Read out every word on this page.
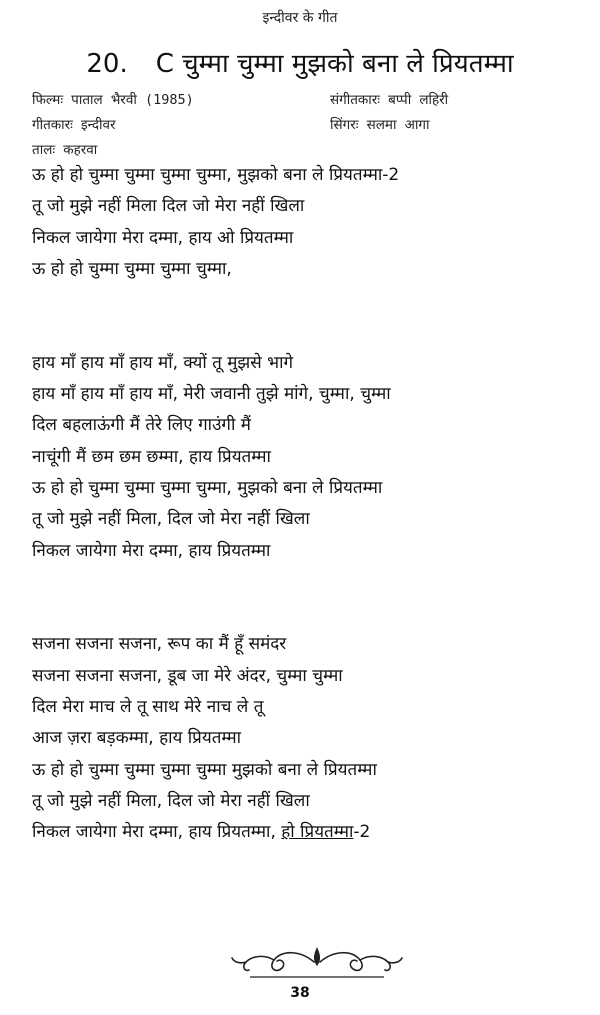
इन्दीवर के गीत
20. C चुम्मा चुम्मा मुझको बना ले प्रियतम्मा
फिल्मः पाताल भैरवी (1985)	संगीतकारः बप्पी लहिरी
गीतकारः इन्दीवर	सिंगरः सलमा आगा
तालः कहरवा
ऊ हो हो चुम्मा चुम्मा चुम्मा चुम्मा, मुझको बना ले प्रियतम्मा-2
तू जो मुझे नहीं मिला दिल जो मेरा नहीं खिला
निकल जायेगा मेरा दम्मा, हाय ओ प्रियतम्मा
ऊ हो हो चुम्मा चुम्मा चुम्मा चुम्मा,
हाय माँ हाय माँ हाय माँ, क्यों तू मुझसे भागे
हाय माँ हाय माँ हाय माँ, मेरी जवानी तुझे मांगे, चुम्मा, चुम्मा
दिल बहलाऊंगी मैं तेरे लिए गाउंगी मैं
नाचूंगी मैं छम छम छम्मा, हाय प्रियतम्मा
ऊ हो हो चुम्मा चुम्मा चुम्मा चुम्मा, मुझको बना ले प्रियतम्मा
तू जो मुझे नहीं मिला, दिल जो मेरा नहीं खिला
निकल जायेगा मेरा दम्मा, हाय प्रियतम्मा
सजना सजना सजना, रूप का मैं हूँ समंदर
सजना सजना सजना, डूब जा मेरे अंदर, चुम्मा चुम्मा
दिल मेरा माच ले तू साथ मेरे नाच ले तू
आज ज़रा बड़कम्मा, हाय प्रियतम्मा
ऊ हो हो चुम्मा चुम्मा चुम्मा चुम्मा मुझको बना ले प्रियतम्मा
तू जो मुझे नहीं मिला, दिल जो मेरा नहीं खिला
निकल जायेगा मेरा दम्मा, हाय प्रियतम्मा, हो प्रियतम्मा-2
38
